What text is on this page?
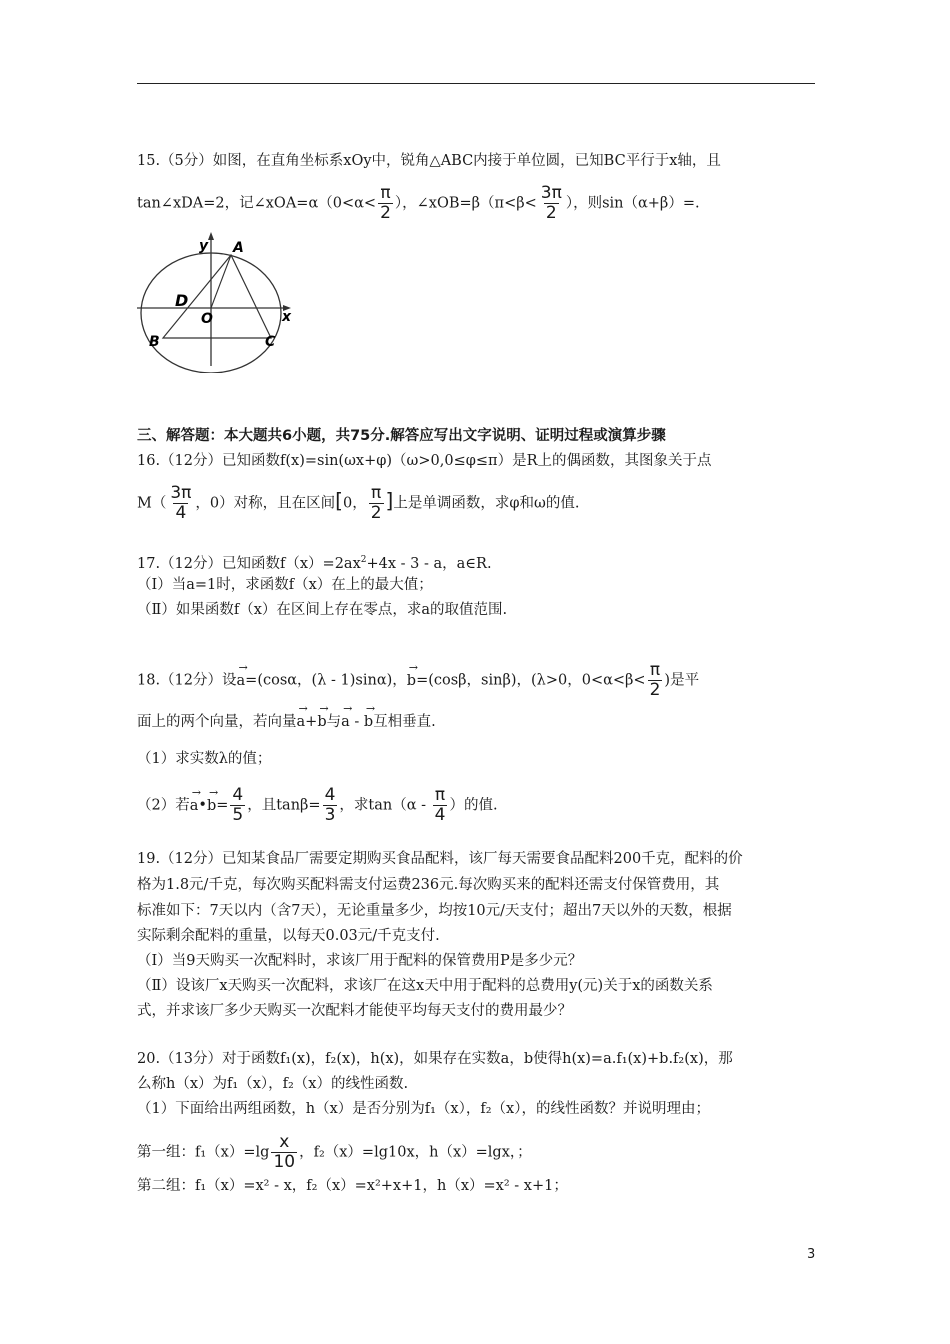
15.（5分）如图，在直角坐标系xOy中，锐角△ABC内接于单位圆，已知BC平行于x轴，且
tan∠xDA=2，记∠xOA=α（0<α< $\frac{\pi}{2}$ ），∠xOB=β（π<β< $\frac{3\pi}{2}$ ），则sin（α+β）=.
y A
D
O	x
B	C
三、解答题：本大题共6小题，共75分.解答应写出文字说明、证明过程或演算步骤
16.（12分）已知函数f(x)=sin(ωx+φ)（ω>0,0≤φ≤π）是R上的偶函数，其图象关于点
$M( \frac{3\pi}{4}$ ，0）对称，且在区间[0， $\frac{\pi}{2}$ ]上是单调函数，求φ和ω的值.
17.（12分）已知函数$f(x)=2ax^2+4x - 3 - a$，a∈R.
（Ⅰ）当a=1时，求函数f（x）在上的最大值；
（Ⅱ）如果函数f（x）在区间上存在零点，求a的取值范围.
18.（12分）设→ a=(cosα，(λ - 1)sinα)，→ b=(cosβ，sinβ)，(λ>0，$0<\alpha<\beta< \frac{\pi}{2}$ )是平
面上的两个向量，若向量→ a+→ b与→ a - → b互相垂直.
（1）求实数λ的值；
（2）若→ a•→ $b= \frac{4}{5}$ ，且$\tan\beta= \frac{4}{3}$ ，求$\tan(\alpha - \frac{\pi}{4}$ ）的值.
19.（12分）已知某食品厂需要定期购买食品配料，该厂每天需要食品配料200千克，配料的价
格为1.8元/千克，每次购买配料需支付运费236元.每次购买来的配料还需支付保管费用，其
标准如下：7天以内（含7天），无论重量多少，均按10元/天支付；超出7天以外的天数，根据
实际剩余配料的重量，以每天0.03元/千克支付.
（Ⅰ）当9天购买一次配料时，求该厂用于配料的保管费用P是多少元？
（Ⅱ）设该厂x天购买一次配料，求该厂在这x天中用于配料的总费用y(元)关于x的函数关系
式，并求该厂多少天购买一次配料才能使平均每天支付的费用最少？
20.（13分）对于函数f₁(x)，f₂(x)，h(x)，如果存在实数a，b使得h(x)=a.f₁(x)+b.f₂(x)，那
么称h（x）为f₁（x），f₂（x）的线性函数.
（1）下面给出两组函数，h（x）是否分别为f₁（x），f₂（x），的线性函数？并说明理由；
第一组：$f_1(x)=\lg \frac{x}{10}$ ，f₂（x）=lg10x，h（x）=lgx，；
第二组：f₁（x）=x² - x，f₂（x）=x²+x+1，h（x）=x² - x+1；
3
